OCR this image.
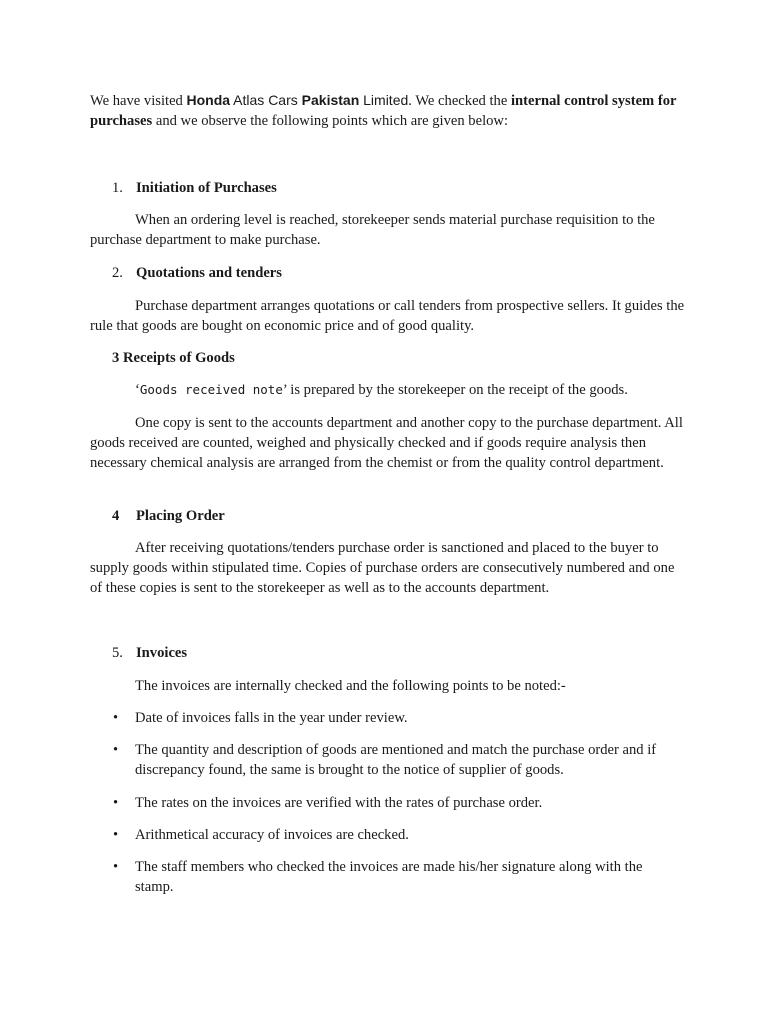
We have visited Honda Atlas Cars Pakistan Limited. We checked the internal control system for purchases and we observe the following points which are given below:

1. Initiation of Purchases

When an ordering level is reached, storekeeper sends material purchase requisition to the purchase department to make purchase.

2. Quotations and tenders

Purchase department arranges quotations or call tenders from prospective sellers. It guides the rule that goods are bought on economic price and of good quality.

3 Receipts of Goods

‘Goods received note’ is prepared by the storekeeper on the receipt of the goods.

One copy is sent to the accounts department and another copy to the purchase department. All goods received are counted, weighed and physically checked and if goods require analysis then necessary chemical analysis are arranged from the chemist or from the quality control department.

4 Placing Order

After receiving quotations/tenders purchase order is sanctioned and placed to the buyer to supply goods within stipulated time. Copies of purchase orders are consecutively numbered and one of these copies is sent to the storekeeper as well as to the accounts department.

5. Invoices

The invoices are internally checked and the following points to be noted:-

• Date of invoices falls in the year under review.
• The quantity and description of goods are mentioned and match the purchase order and if discrepancy found, the same is brought to the notice of supplier of goods.
• The rates on the invoices are verified with the rates of purchase order.
• Arithmetical accuracy of invoices are checked.
• The staff members who checked the invoices are made his/her signature along with the stamp.
